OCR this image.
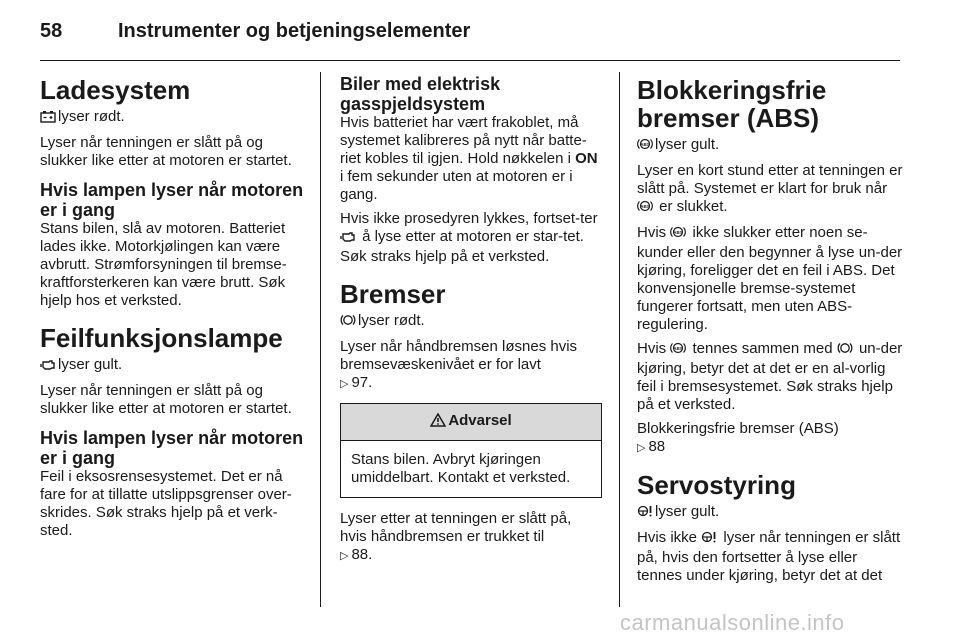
58	Instrumenter og betjeningselementer
Ladesystem

lyser rødt.

Lyser når tenningen er slått på og slukker like etter at motoren er startet.

Hvis lampen lyser når motoren er i gang

Stans bilen, slå av motoren. Batteriet lades ikke. Motorkjølingen kan være avbrutt. Strømforsyningen til bremse-kraftforsterkeren kan være brutt. Søk hjelp hos et verksted.

Feilfunksjonslampe

lyser gult.

Lyser når tenningen er slått på og slukker like etter at motoren er startet.

Hvis lampen lyser når motoren er i gang

Feil i eksosrensesystemet. Det er nå fare for at tillatte utslippsgrenser over-skrides. Søk straks hjelp på et verk-sted.

Biler med elektrisk gasspjeldsystem

Hvis batteriet har vært frakoblet, må systemet kalibreres på nytt når batte-riet kobles til igjen. Hold nøkkelen i ON i fem sekunder uten at motoren er i gang.

Hvis ikke prosedyren lykkes, fortset-ter  å lyse etter at motoren er star-tet. Søk straks hjelp på et verksted.

Bremser

lyser rødt.

Lyser når håndbremsen løsnes hvis bremsevæskenivået er for lavt
▷ 97.

Advarsel
Stans bilen. Avbryt kjøringen umiddelbart. Kontakt et verksted.

Lyser etter at tenningen er slått på, hvis håndbremsen er trukket til
▷ 88.

Blokkeringsfrie bremser (ABS)

ABS lyser gult.

Lyser en kort stund etter at tenningen er slått på. Systemet er klart for bruk når
ABS er slukket.

Hvis ABS ikke slukker etter noen se-kunder eller den begynner å lyse un-der kjøring, foreligger det en feil i ABS. Det konvensjonelle bremse-systemet fungerer fortsatt, men uten ABS-regulering.

Hvis ABS tennes sammen med un-der kjøring, betyr det at det er en al-vorlig feil i bremsesystemet. Søk straks hjelp på et verksted.

Blokkeringsfrie bremser (ABS)
▷ 88

Servostyring

lyser gult.

Hvis ikke lyser når tenningen er slått på, hvis den fortsetter å lyse eller tennes under kjøring, betyr det at det

carmanualsonline.info
